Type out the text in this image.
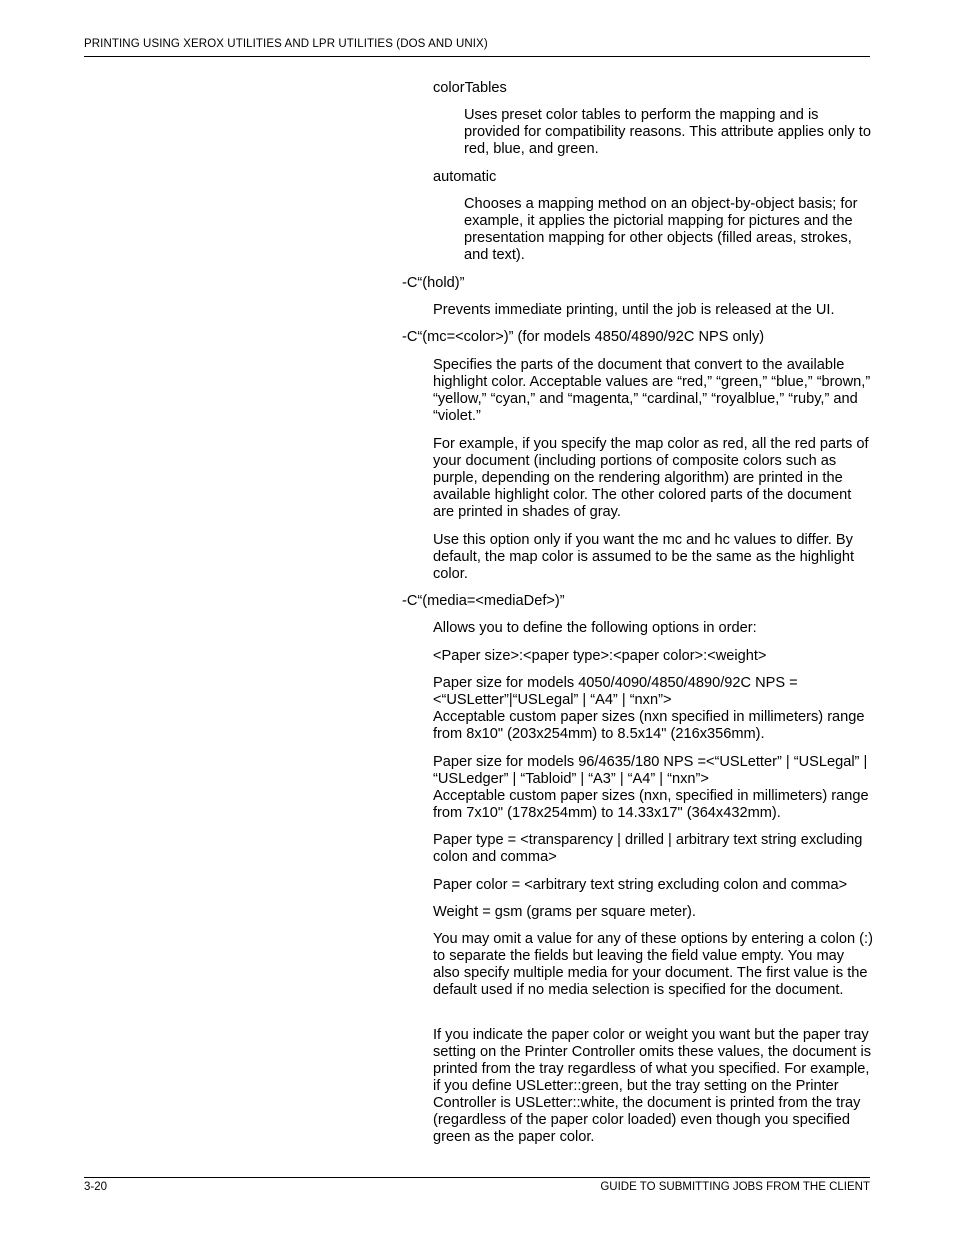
PRINTING USING XEROX UTILITIES AND LPR UTILITIES (DOS AND UNIX)

colorTables

Uses preset color tables to perform the mapping and is provided for compatibility reasons. This attribute applies only to red, blue, and green.

automatic

Chooses a mapping method on an object-by-object basis; for example, it applies the pictorial mapping for pictures and the presentation mapping for other objects (filled areas, strokes, and text).

-C“(hold)”

Prevents immediate printing, until the job is released at the UI.

-C“(mc=<color>)” (for models 4850/4890/92C NPS only)

Specifies the parts of the document that convert to the available highlight color. Acceptable values are “red,” “green,” “blue,” “brown,” “yellow,” “cyan,” and “magenta,” “cardinal,” “royalblue,” “ruby,” and “violet.”

For example, if you specify the map color as red, all the red parts of your document (including portions of composite colors such as purple, depending on the rendering algorithm) are printed in the available highlight color. The other colored parts of the document are printed in shades of gray.

Use this option only if you want the mc and hc values to differ. By default, the map color is assumed to be the same as the highlight color.

-C“(media=<mediaDef>)”

Allows you to define the following options in order:

<Paper size>:<paper type>:<paper color>:<weight>

Paper size for models 4050/4090/4850/4890/92C NPS = <“USLetter”|“USLegal” | “A4” | “nxn”>

Acceptable custom paper sizes (nxn specified in millimeters) range from 8x10" (203x254mm) to 8.5x14" (216x356mm).

Paper size for models 96/4635/180 NPS =<“USLetter” | “USLegal” | “USLedger” | “Tabloid” | “A3” | “A4” | “nxn”>

Acceptable custom paper sizes (nxn, specified in millimeters) range from 7x10" (178x254mm) to 14.33x17" (364x432mm).

Paper type = <transparency | drilled | arbitrary text string excluding colon and comma>

Paper color = <arbitrary text string excluding colon and comma>

Weight = gsm (grams per square meter).

You may omit a value for any of these options by entering a colon (:) to separate the fields but leaving the field value empty. You may also specify multiple media for your document. The first value is the default used if no media selection is specified for the document.

If you indicate the paper color or weight you want but the paper tray setting on the Printer Controller omits these values, the document is printed from the tray regardless of what you specified. For example, if you define USLetter::green, but the tray setting on the Printer Controller is USLetter::white, the document is printed from the tray (regardless of the paper color loaded) even though you specified green as the paper color.

3-20	GUIDE TO SUBMITTING JOBS FROM THE CLIENT
